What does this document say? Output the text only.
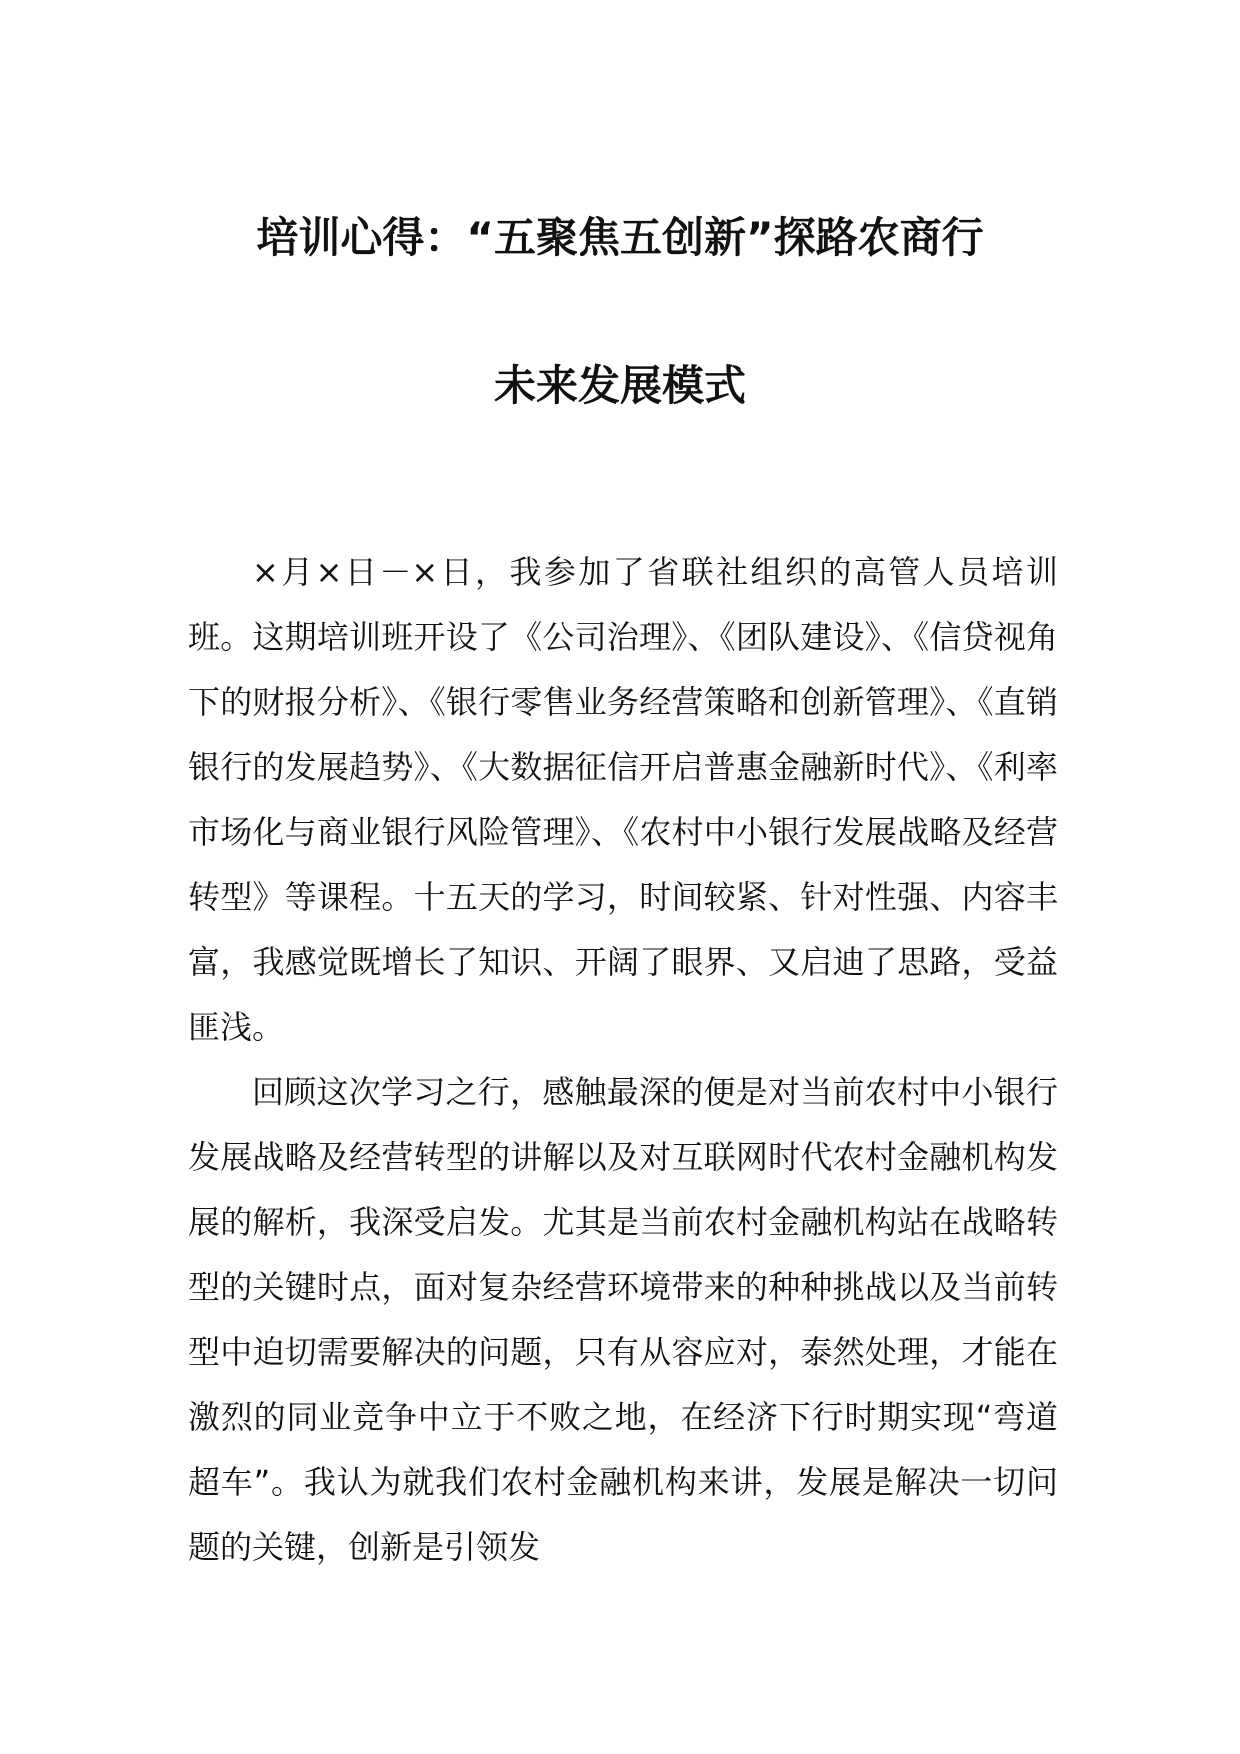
培训心得：“五聚焦五创新”探路农商行
未来发展模式

×月×日－×日，我参加了省联社组织的高管人员培训班。这期培训班开设了《公司治理》、《团队建设》、《信贷视角下的财报分析》、《银行零售业务经营策略和创新管理》、《直销银行的发展趋势》、《大数据征信开启普惠金融新时代》、《利率市场化与商业银行风险管理》、《农村中小银行发展战略及经营转型》等课程。十五天的学习，时间较紧、针对性强、内容丰富，我感觉既增长了知识、开阔了眼界、又启迪了思路，受益匪浅。

回顾这次学习之行，感触最深的便是对当前农村中小银行发展战略及经营转型的讲解以及对互联网时代农村金融机构发展的解析，我深受启发。尤其是当前农村金融机构站在战略转型的关键时点，面对复杂经营环境带来的种种挑战以及当前转型中迫切需要解决的问题，只有从容应对，泰然处理，才能在激烈的同业竞争中立于不败之地，在经济下行时期实现“弯道超车”。我认为就我们农村金融机构来讲，发展是解决一切问题的关键，创新是引领发
